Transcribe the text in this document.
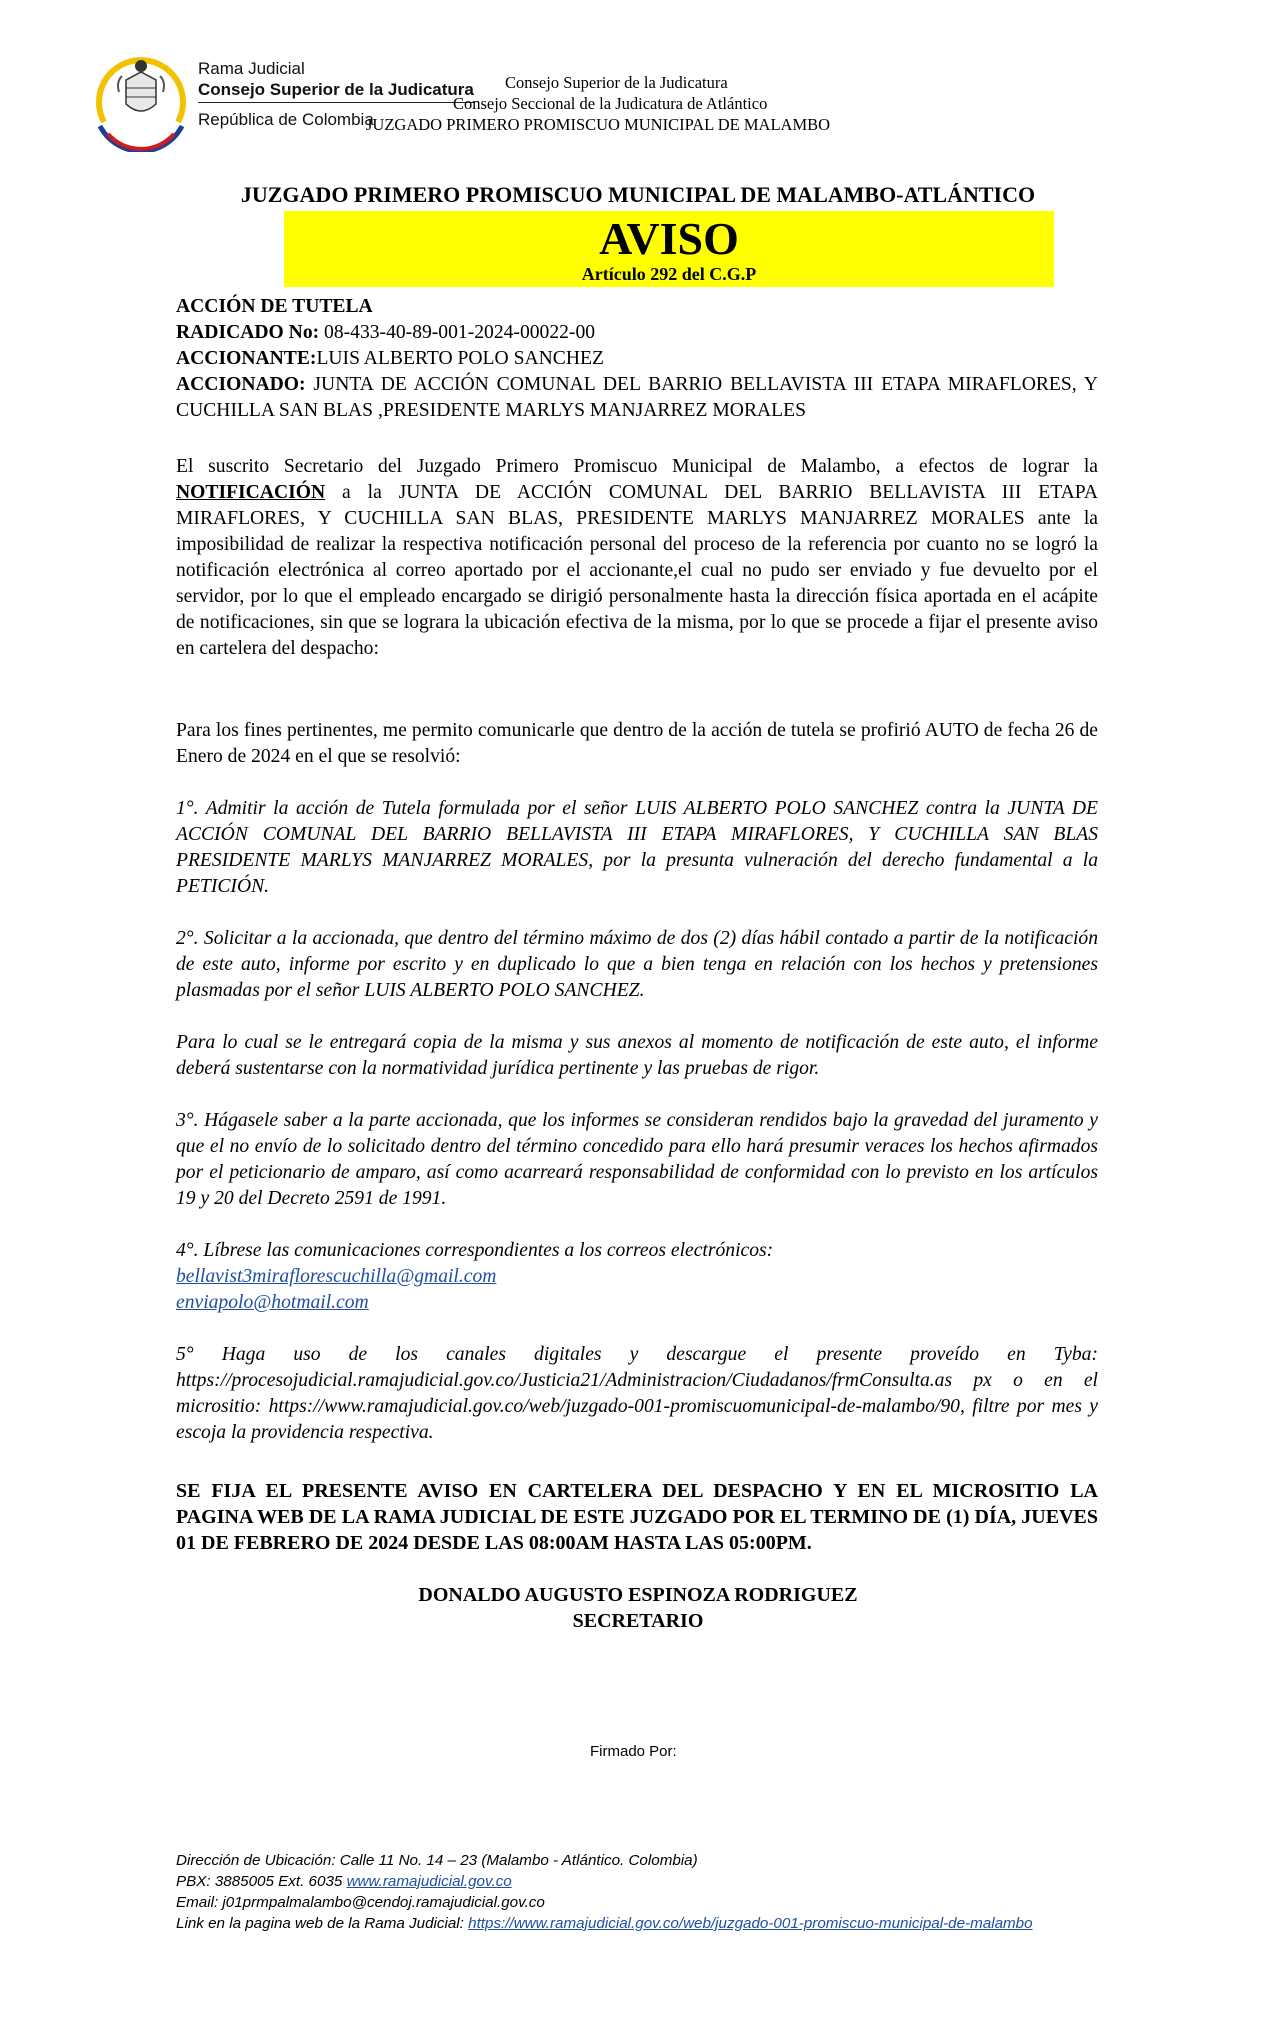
Rama Judicial
Consejo Superior de la Judicatura
República de Colombia
Consejo Superior de la Judicatura
Consejo Seccional de la Judicatura de Atlántico
JUZGADO PRIMERO PROMISCUO MUNICIPAL DE MALAMBO
JUZGADO PRIMERO PROMISCUO MUNICIPAL DE MALAMBO-ATLÁNTICO
AVISO
Artículo 292 del C.G.P
ACCIÓN DE TUTELA
RADICADO No: 08-433-40-89-001-2024-00022-00
ACCIONANTE:LUIS ALBERTO POLO SANCHEZ
ACCIONADO: JUNTA DE ACCIÓN COMUNAL DEL BARRIO BELLAVISTA III ETAPA MIRAFLORES, Y CUCHILLA SAN BLAS ,PRESIDENTE MARLYS MANJARREZ MORALES
El suscrito Secretario del Juzgado Primero Promiscuo Municipal de Malambo, a efectos de lograr la NOTIFICACIÓN a la JUNTA DE ACCIÓN COMUNAL DEL BARRIO BELLAVISTA III ETAPA MIRAFLORES, Y CUCHILLA SAN BLAS, PRESIDENTE MARLYS MANJARREZ MORALES ante la imposibilidad de realizar la respectiva notificación personal del proceso de la referencia por cuanto no se logró la notificación electrónica al correo aportado por el accionante,el cual no pudo ser enviado y fue devuelto por el servidor, por lo que el empleado encargado se dirigió personalmente hasta la dirección física aportada en el acápite de notificaciones, sin que se lograra la ubicación efectiva de la misma, por lo que se procede a fijar el presente aviso en cartelera del despacho:
Para los fines pertinentes, me permito comunicarle que dentro de la acción de tutela se profirió AUTO de fecha 26 de Enero de 2024 en el que se resolvió:
1°. Admitir la acción de Tutela formulada por el señor LUIS ALBERTO POLO SANCHEZ contra la JUNTA DE ACCIÓN COMUNAL DEL BARRIO BELLAVISTA III ETAPA MIRAFLORES, Y CUCHILLA SAN BLAS PRESIDENTE MARLYS MANJARREZ MORALES, por la presunta vulneración del derecho fundamental a la PETICIÓN.
2°. Solicitar a la accionada, que dentro del término máximo de dos (2) días hábil contado a partir de la notificación de este auto, informe por escrito y en duplicado lo que a bien tenga en relación con los hechos y pretensiones plasmadas por el señor LUIS ALBERTO POLO SANCHEZ.
Para lo cual se le entregará copia de la misma y sus anexos al momento de notificación de este auto, el informe deberá sustentarse con la normatividad jurídica pertinente y las pruebas de rigor.
3°. Hágasele saber a la parte accionada, que los informes se consideran rendidos bajo la gravedad del juramento y que el no envío de lo solicitado dentro del término concedido para ello hará presumir veraces los hechos afirmados por el peticionario de amparo, así como acarreará responsabilidad de conformidad con lo previsto en los artículos 19 y 20 del Decreto 2591 de 1991.
4°. Líbrese las comunicaciones correspondientes a los correos electrónicos:
bellavist3mirafloresсuchilla@gmail.com
enviapolo@hotmail.com
5° Haga uso de los canales digitales y descargue el presente proveído en Tyba: https://procesojudicial.ramajudicial.gov.co/Justicia21/Administracion/Ciudadanos/frmConsulta.as px o en el micrositio: https://www.ramajudicial.gov.co/web/juzgado-001-promiscuomunicipal-de-malambo/90, filtre por mes y escoja la providencia respectiva.
SE FIJA EL PRESENTE AVISO EN CARTELERA DEL DESPACHO Y EN EL MICROSITIO LA PAGINA WEB DE LA RAMA JUDICIAL DE ESTE JUZGADO POR EL TERMINO DE (1) DÍA, JUEVES 01 DE FEBRERO DE 2024 DESDE LAS 08:00AM HASTA LAS 05:00PM.
DONALDO AUGUSTO ESPINOZA RODRIGUEZ
SECRETARIO
Firmado Por:
Dirección de Ubicación: Calle 11 No. 14 – 23 (Malambo - Atlántico. Colombia)
PBX: 3885005 Ext. 6035 www.ramajudicial.gov.co
Email: j01prmpalmalambo@cendoj.ramajudicial.gov.co
Link en la pagina web de la Rama Judicial: https://www.ramajudicial.gov.co/web/juzgado-001-promiscuo-municipal-de-malambo
